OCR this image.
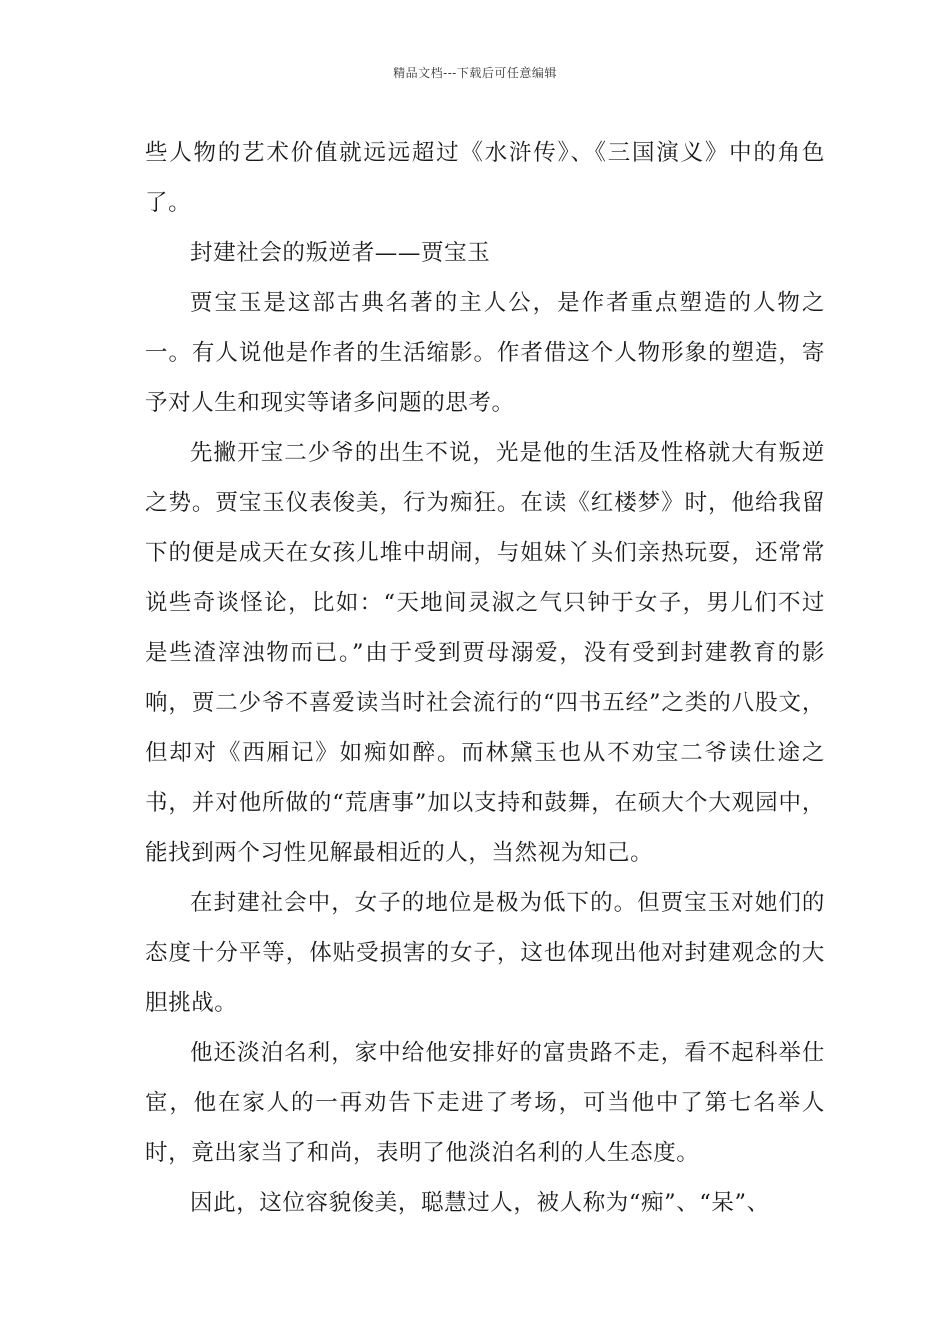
精品文档---下载后可任意编辑

些人物的艺术价值就远远超过《水浒传》、《三国演义》中的角色了。

封建社会的叛逆者——贾宝玉

贾宝玉是这部古典名著的主人公，是作者重点塑造的人物之一。有人说他是作者的生活缩影。作者借这个人物形象的塑造，寄予对人生和现实等诸多问题的思考。

先撇开宝二少爷的出生不说，光是他的生活及性格就大有叛逆之势。贾宝玉仪表俊美，行为痴狂。在读《红楼梦》时，他给我留下的便是成天在女孩儿堆中胡闹，与姐妹丫头们亲热玩耍，还常常说些奇谈怪论，比如：“天地间灵淑之气只钟于女子，男儿们不过是些渣滓浊物而已。”由于受到贾母溺爱，没有受到封建教育的影响，贾二少爷不喜爱读当时社会流行的“四书五经”之类的八股文，但却对《西厢记》如痴如醉。而林黛玉也从不劝宝二爷读仕途之书，并对他所做的“荒唐事”加以支持和鼓舞，在硕大个大观园中，能找到两个习性见解最相近的人，当然视为知己。

在封建社会中，女子的地位是极为低下的。但贾宝玉对她们的态度十分平等，体贴受损害的女子，这也体现出他对封建观念的大胆挑战。

他还淡泊名利，家中给他安排好的富贵路不走，看不起科举仕宦，他在家人的一再劝告下走进了考场，可当他中了第七名举人时，竟出家当了和尚，表明了他淡泊名利的人生态度。

因此，这位容貌俊美，聪慧过人，被人称为“痴”、“呆”、
